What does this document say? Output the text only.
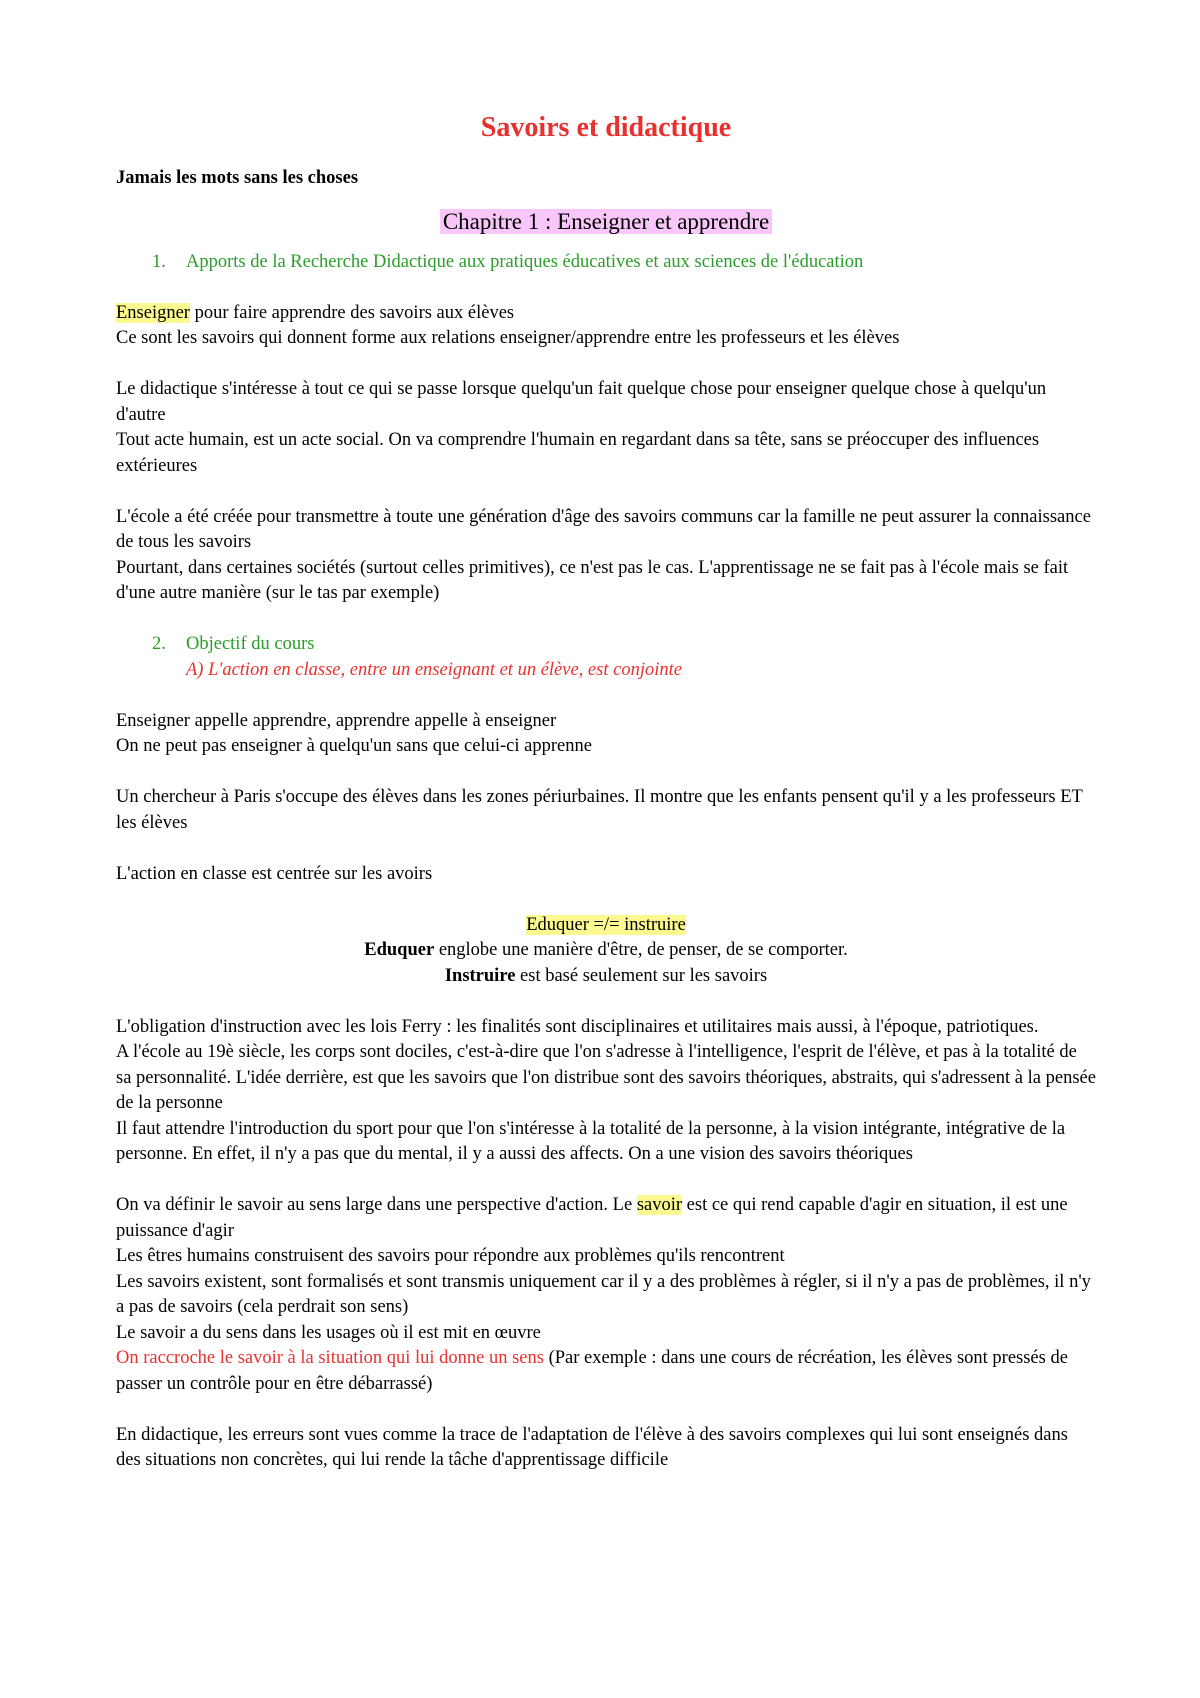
Savoirs et didactique
Jamais les mots sans les choses
Chapitre 1 : Enseigner et apprendre

1. Apports de la Recherche Didactique aux pratiques éducatives et aux sciences de l'éducation

Enseigner pour faire apprendre des savoirs aux élèves

Ce sont les savoirs qui donnent forme aux relations enseigner/apprendre entre les professeurs et les élèves

Le didactique s'intéresse à tout ce qui se passe lorsque quelqu'un fait quelque chose pour enseigner quelque chose à quelqu'un d'autre

Tout acte humain, est un acte social. On va comprendre l'humain en regardant dans sa tête, sans se préoccuper des influences extérieures

L'école a été créée pour transmettre à toute une génération d'âge des savoirs communs car la famille ne peut assurer la connaissance de tous les savoirs

Pourtant, dans certaines sociétés (surtout celles primitives), ce n'est pas le cas. L'apprentissage ne se fait pas à l'école mais se fait d'une autre manière (sur le tas par exemple)

2. Objectif du cours

A) L'action en classe, entre un enseignant et un élève, est conjointe

Enseigner appelle apprendre, apprendre appelle à enseigner

On ne peut pas enseigner à quelqu'un sans que celui-ci apprenne

Un chercheur à Paris s'occupe des élèves dans les zones périurbaines. Il montre que les enfants pensent qu'il y a les professeurs ET les élèves

L'action en classe est centrée sur les avoirs

Eduquer =/= instruire

Eduquer englobe une manière d'être, de penser, de se comporter.

Instruire est basé seulement sur les savoirs

L'obligation d'instruction avec les lois Ferry : les finalités sont disciplinaires et utilitaires mais aussi, à l'époque, patriotiques.

A l'école au 19è siècle, les corps sont dociles, c'est-à-dire que l'on s'adresse à l'intelligence, l'esprit de l'élève, et pas à la totalité de sa personnalité. L'idée derrière, est que les savoirs que l'on distribue sont des savoirs théoriques, abstraits, qui s'adressent à la pensée de la personne

Il faut attendre l'introduction du sport pour que l'on s'intéresse à la totalité de la personne, à la vision intégrante, intégrative de la personne. En effet, il n'y a pas que du mental, il y a aussi des affects. On a une vision des savoirs théoriques

On va définir le savoir au sens large dans une perspective d'action. Le savoir est ce qui rend capable d'agir en situation, il est une puissance d'agir

Les êtres humains construisent des savoirs pour répondre aux problèmes qu'ils rencontrent

Les savoirs existent, sont formalisés et sont transmis uniquement car il y a des problèmes à régler, si il n'y a pas de problèmes, il n'y a pas de savoirs (cela perdrait son sens)

Le savoir a du sens dans les usages où il est mit en œuvre

On raccroche le savoir à la situation qui lui donne un sens (Par exemple : dans une cours de récréation, les élèves sont pressés de passer un contrôle pour en être débarrassé)

En didactique, les erreurs sont vues comme la trace de l'adaptation de l'élève à des savoirs complexes qui lui sont enseignés dans des situations non concrètes, qui lui rende la tâche d'apprentissage difficile
